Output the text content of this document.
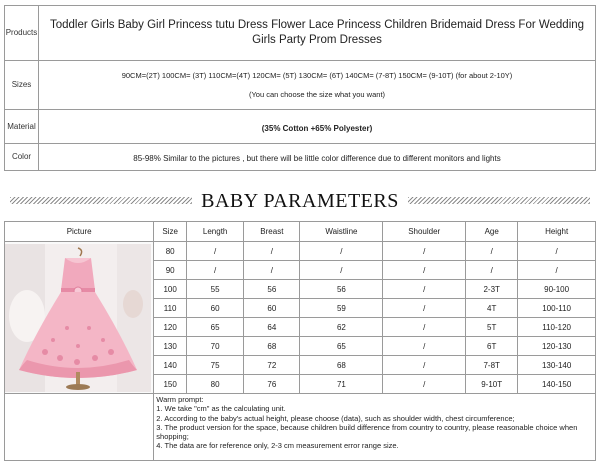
Products	Toddler Girls Baby Girl Princess tutu Dress Flower Lace Princess Children Bridemaid Dress For Wedding Girls Party Prom Dresses

Sizes	90CM=(2T) 100CM= (3T) 110CM=(4T) 120CM= (5T) 130CM= (6T) 140CM= (7-8T) 150CM= (9-10T) (for about 2-10Y)
(You can choose the size what you want)

Material	(35% Cotton +65% Polyester)
Color	85-98% Similar to the pictures , but there will be little color difference due to different monitors and lights
BABY PARAMETERS
Picture	Size	Length	Breast	Waistline	Shoulder	Age	Height

	80	/	/	/	/	/	/
	90	/	/	/	/	/	/
	100	55	56	56	/	2-3T	90-100
	110	60	60	59	/	4T	100-110
	120	65	64	62	/	5T	110-120
	130	70	68	65	/	6T	120-130
	140	75	72	68	/	7-8T	130-140
	150	80	76	71	/	9-10T	140-150

	Warm prompt:
1. We take "cm" as the calculating unit.
2. According to the baby's actual height, please choose (data), such as shoulder width, chest circumference;
3. The product version for the space, because children build difference from country to country, please reasonable choice when shopping;
4. The data are for reference only, 2-3 cm measurement error range size.						
